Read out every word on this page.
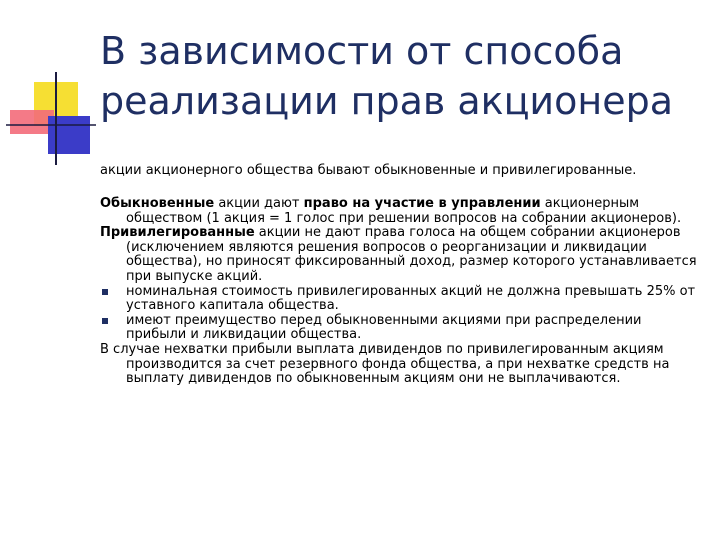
В зависимости от способа
реализации прав акционера
акции акционерного общества бывают обыкновенные и привилегированные.
Обыкновенные акции дают право на участие в управлении акционерным обществом (1 акция = 1 голос при решении вопросов на собрании акционеров).
Привилегированные акции не дают права голоса на общем собрании акционеров (исключением являются решения вопросов о реорганизации и ликвидации общества), но приносят фиксированный доход, размер которого устанавливается при выпуске акций.
номинальная стоимость привилегированных акций не должна превышать 25% от уставного капитала общества.
имеют преимущество перед обыкновенными акциями при распределении прибыли и ликвидации общества.
В случае нехватки прибыли выплата дивидендов по привилегированным акциям производится за счет резервного фонда общества, а при нехватке средств на выплату дивидендов по обыкновенным акциям они не выплачиваются.
